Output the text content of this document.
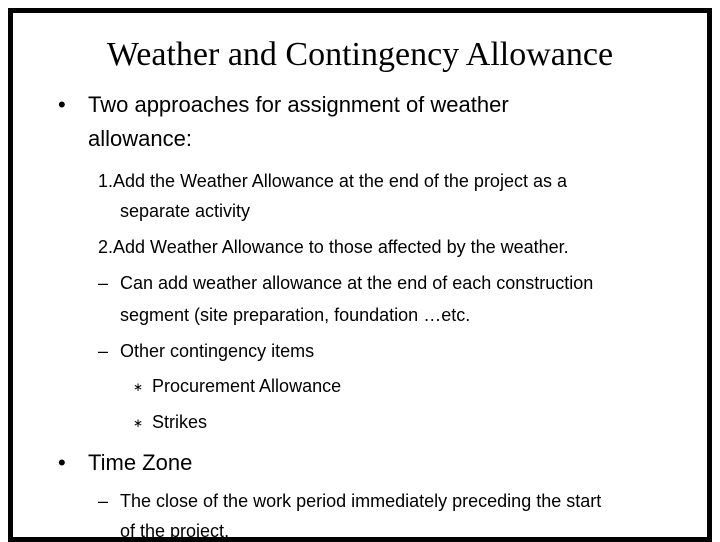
Weather and Contingency Allowance
• Two approaches for assignment of weather
allowance:
1.Add the Weather Allowance at the end of the project as a
separate activity
2.Add Weather Allowance to those affected by the weather.
– Can add weather allowance at the end of each construction
segment (site preparation, foundation …etc.
– Other contingency items
∗ Procurement Allowance
∗ Strikes
• Time Zone
– The close of the work period immediately preceding the start
of the project.
